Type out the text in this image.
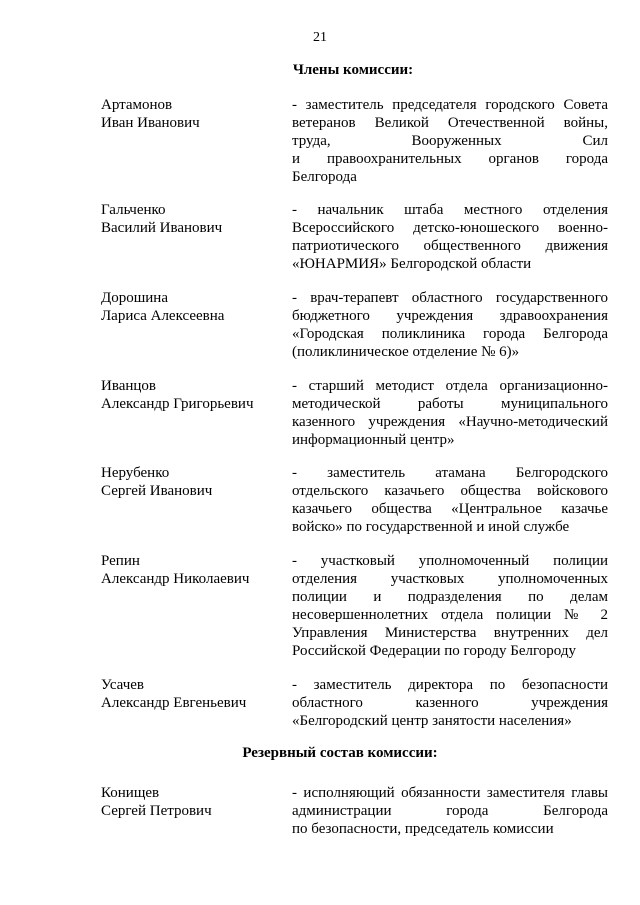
21
Члены комиссии:
Артамонов
Иван Иванович
- заместитель председателя городского Совета
ветеранов Великой Отечественной войны,
труда, Вооруженных Сил
и правоохранительных органов города
Белгорода
Гальченко
Василий Иванович
- начальник штаба местного отделения
Всероссийского детско-юношеского военно-
патриотического общественного движения
«ЮНАРМИЯ» Белгородской области
Дорошина
Лариса Алексеевна
- врач-терапевт областного государственного
бюджетного учреждения здравоохранения
«Городская поликлиника города Белгорода
(поликлиническое отделение № 6)»
Иванцов
Александр Григорьевич
- старший методист отдела организационно-
методической работы муниципального
казенного учреждения «Научно-методический
информационный центр»
Нерубенко
Сергей Иванович
- заместитель атамана Белгородского
отдельского казачьего общества войскового
казачьего общества «Центральное казачье
войско» по государственной и иной службе
Репин
Александр Николаевич
- участковый уполномоченный полиции
отделения участковых уполномоченных
полиции и подразделения по делам
несовершеннолетних отдела полиции № 2
Управления Министерства внутренних дел
Российской Федерации по городу Белгороду
Усачев
Александр Евгеньевич
- заместитель директора по безопасности
областного казенного учреждения
«Белгородский центр занятости населения»
Резервный состав комиссии:
Конищев
Сергей Петрович
- исполняющий обязанности заместителя главы
администрации города Белгорода
по безопасности, председатель комиссии
